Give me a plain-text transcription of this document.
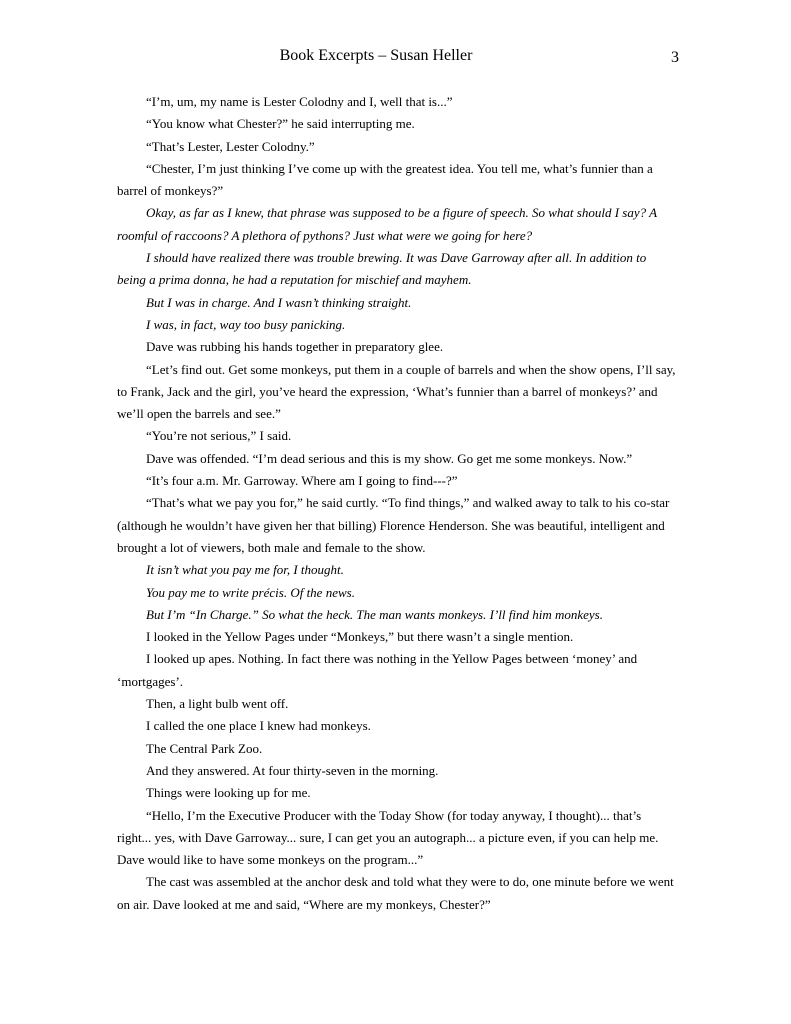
Book Excerpts – Susan Heller	3
“I’m, um, my name is Lester Colodny and I, well that is...”
“You know what Chester?” he said interrupting me.
“That’s Lester, Lester Colodny.”
“Chester, I’m just thinking I’ve come up with the greatest idea. You tell me, what’s funnier than a
barrel of monkeys?”
Okay, as far as I knew, that phrase was supposed to be a figure of speech. So what should I say? A
roomful of raccoons? A plethora of pythons? Just what were we going for here?
I should have realized there was trouble brewing. It was Dave Garroway after all. In addition to
being a prima donna, he had a reputation for mischief and mayhem.
But I was in charge. And I wasn’t thinking straight.
I was, in fact, way too busy panicking.
Dave was rubbing his hands together in preparatory glee.
“Let’s find out. Get some monkeys, put them in a couple of barrels and when the show opens, I’ll say,
to Frank, Jack and the girl, you’ve heard the expression, ‘What’s funnier than a barrel of monkeys?’ and
we’ll open the barrels and see.”
“You’re not serious,” I said.
Dave was offended. “I’m dead serious and this is my show. Go get me some monkeys. Now.”
“It’s four a.m. Mr. Garroway. Where am I going to find---?”
“That’s what we pay you for,” he said curtly. “To find things,” and walked away to talk to his co-star
(although he wouldn’t have given her that billing) Florence Henderson. She was beautiful, intelligent and
brought a lot of viewers, both male and female to the show.
It isn’t what you pay me for, I thought.
You pay me to write précis. Of the news.
But I’m “In Charge.” So what the heck. The man wants monkeys. I’ll find him monkeys.
I looked in the Yellow Pages under “Monkeys,” but there wasn’t a single mention.
I looked up apes. Nothing. In fact there was nothing in the Yellow Pages between ‘money’ and
‘mortgages’.
Then, a light bulb went off.
I called the one place I knew had monkeys.
The Central Park Zoo.
And they answered. At four thirty-seven in the morning.
Things were looking up for me.
“Hello, I’m the Executive Producer with the Today Show (for today anyway, I thought)... that’s
right... yes, with Dave Garroway... sure, I can get you an autograph... a picture even, if you can help me.
Dave would like to have some monkeys on the program...”
The cast was assembled at the anchor desk and told what they were to do, one minute before we went
on air. Dave looked at me and said, “Where are my monkeys, Chester?”
